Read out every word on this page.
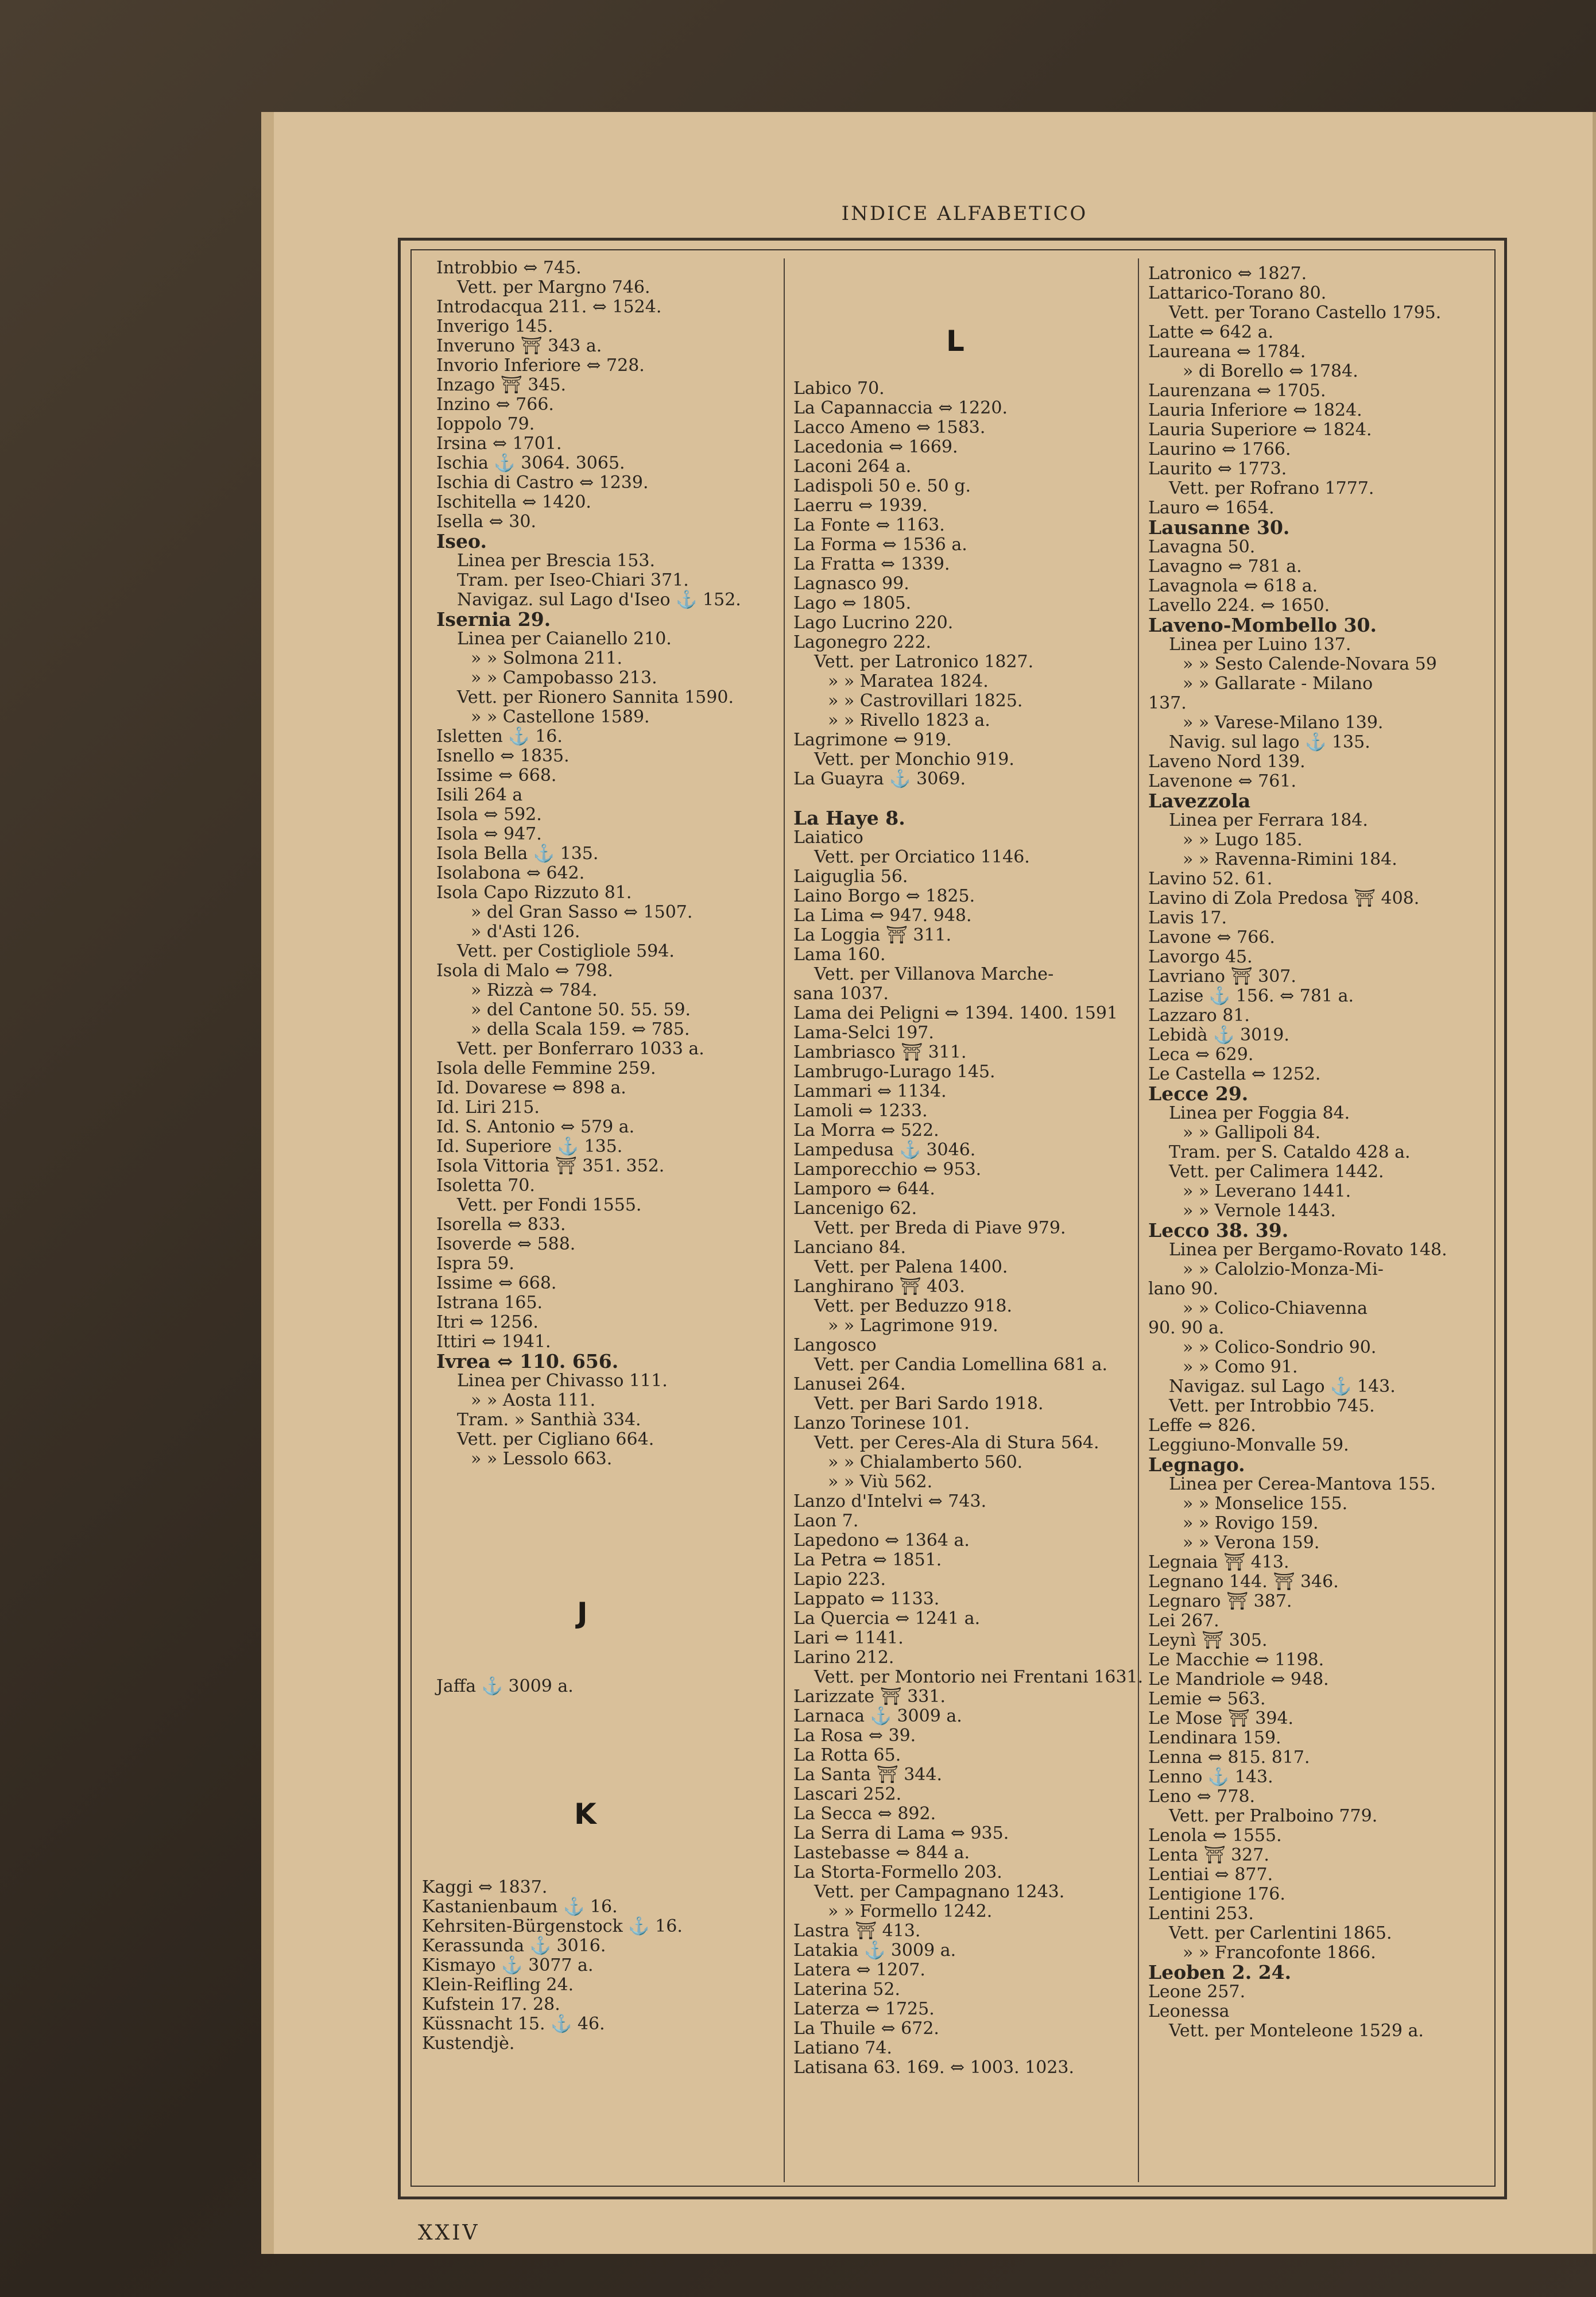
INDICE ALFABETICO
Introbbio ⇔ 745.
Vett. per Margno 746.
Introdacqua 211. ⇔ 1524.
Inverigo 145.
Inveruno ⛩ 343 a.
Invorio Inferiore ⇔ 728.
Inzago ⛩ 345.
Inzino ⇔ 766.
Ioppolo 79.
Irsina ⇔ 1701.
Ischia ⚓ 3064. 3065.
Ischia di Castro ⇔ 1239.
Ischitella ⇔ 1420.
Isella ⇔ 30.
Iseo.
Linea per Brescia 153.
Tram. per Iseo-Chiari 371.
Navigaz. sul Lago d'Iseo ⚓ 152.
Isernia 29.
Linea per Caianello 210.
» » Solmona 211.
» » Campobasso 213.
Vett. per Rionero Sannita 1590.
» » Castellone 1589.
Isletten ⚓ 16.
Isnello ⇔ 1835.
Issime ⇔ 668.
Isili 264 a
Isola ⇔ 592.
Isola ⇔ 947.
Isola Bella ⚓ 135.
Isolabona ⇔ 642.
Isola Capo Rizzuto 81.
» del Gran Sasso ⇔ 1507.
» d'Asti 126.
Vett. per Costigliole 594.
Isola di Malo ⇔ 798.
» Rizzà ⇔ 784.
» del Cantone 50. 55. 59.
» della Scala 159. ⇔ 785.
Vett. per Bonferraro 1033 a.
Isola delle Femmine 259.
Id. Dovarese ⇔ 898 a.
Id. Liri 215.
Id. S. Antonio ⇔ 579 a.
Id. Superiore ⚓ 135.
Isola Vittoria ⛩ 351. 352.
Isoletta 70.
Vett. per Fondi 1555.
Isorella ⇔ 833.
Isoverde ⇔ 588.
Ispra 59.
Issime ⇔ 668.
Istrana 165.
Itri ⇔ 1256.
Ittiri ⇔ 1941.
Ivrea ⇔ 110. 656.
Linea per Chivasso 111.
» » Aosta 111.
Tram. » Santhià 334.
Vett. per Cigliano 664.
» » Lessolo 663.
J
Jaffa ⚓ 3009 a.
K
Kaggi ⇔ 1837.
Kastanienbaum ⚓ 16.
Kehrsiten-Bürgenstock ⚓ 16.
Kerassunda ⚓ 3016.
Kismayo ⚓ 3077 a.
Klein-Reifling 24.
Kufstein 17. 28.
Küssnacht 15. ⚓ 46.
Kustendjè.
L
Labico 70.
La Capannaccia ⇔ 1220.
Lacco Ameno ⇔ 1583.
Lacedonia ⇔ 1669.
Laconi 264 a.
Ladispoli 50 e. 50 g.
Laerru ⇔ 1939.
La Fonte ⇔ 1163.
La Forma ⇔ 1536 a.
La Fratta ⇔ 1339.
Lagnasco 99.
Lago ⇔ 1805.
Lago Lucrino 220.
Lagonegro 222.
Vett. per Latronico 1827.
» » Maratea 1824.
» » Castrovillari 1825.
» » Rivello 1823 a.
Lagrimone ⇔ 919.
Vett. per Monchio 919.
La Guayra ⚓ 3069.
La Haye 8.
Laiatico
Vett. per Orciatico 1146.
Laiguglia 56.
Laino Borgo ⇔ 1825.
La Lima ⇔ 947. 948.
La Loggia ⛩ 311.
Lama 160.
Vett. per Villanova Marche-
sana 1037.
Lama dei Peligni ⇔ 1394. 1400. 1591
Lama-Selci 197.
Lambriasco ⛩ 311.
Lambrugo-Lurago 145.
Lammari ⇔ 1134.
Lamoli ⇔ 1233.
La Morra ⇔ 522.
Lampedusa ⚓ 3046.
Lamporecchio ⇔ 953.
Lamporo ⇔ 644.
Lancenigo 62.
Vett. per Breda di Piave 979.
Lanciano 84.
Vett. per Palena 1400.
Langhirano ⛩ 403.
Vett. per Beduzzo 918.
» » Lagrimone 919.
Langosco
Vett. per Candia Lomellina 681 a.
Lanusei 264.
Vett. per Bari Sardo 1918.
Lanzo Torinese 101.
Vett. per Ceres-Ala di Stura 564.
» » Chialamberto 560.
» » Viù 562.
Lanzo d'Intelvi ⇔ 743.
Laon 7.
Lapedono ⇔ 1364 a.
La Petra ⇔ 1851.
Lapio 223.
Lappato ⇔ 1133.
La Quercia ⇔ 1241 a.
Lari ⇔ 1141.
Larino 212.
Vett. per Montorio nei Frentani 1631.
Larizzate ⛩ 331.
Larnaca ⚓ 3009 a.
La Rosa ⇔ 39.
La Rotta 65.
La Santa ⛩ 344.
Lascari 252.
La Secca ⇔ 892.
La Serra di Lama ⇔ 935.
Lastebasse ⇔ 844 a.
La Storta-Formello 203.
Vett. per Campagnano 1243.
» » Formello 1242.
Lastra ⛩ 413.
Latakia ⚓ 3009 a.
Latera ⇔ 1207.
Laterina 52.
Laterza ⇔ 1725.
La Thuile ⇔ 672.
Latiano 74.
Latisana 63. 169. ⇔ 1003. 1023.
Latronico ⇔ 1827.
Lattarico-Torano 80.
Vett. per Torano Castello 1795.
Latte ⇔ 642 a.
Laureana ⇔ 1784.
» di Borello ⇔ 1784.
Laurenzana ⇔ 1705.
Lauria Inferiore ⇔ 1824.
Lauria Superiore ⇔ 1824.
Laurino ⇔ 1766.
Laurito ⇔ 1773.
Vett. per Rofrano 1777.
Lauro ⇔ 1654.
Lausanne 30.
Lavagna 50.
Lavagno ⇔ 781 a.
Lavagnola ⇔ 618 a.
Lavello 224. ⇔ 1650.
Laveno-Mombello 30.
Linea per Luino 137.
» » Sesto Calende-Novara 59
» » Gallarate - Milano
137.
» » Varese-Milano 139.
Navig. sul lago ⚓ 135.
Laveno Nord 139.
Lavenone ⇔ 761.
Lavezzola
Linea per Ferrara 184.
» » Lugo 185.
» » Ravenna-Rimini 184.
Lavino 52. 61.
Lavino di Zola Predosa ⛩ 408.
Lavis 17.
Lavone ⇔ 766.
Lavorgo 45.
Lavriano ⛩ 307.
Lazise ⚓ 156. ⇔ 781 a.
Lazzaro 81.
Lebidà ⚓ 3019.
Leca ⇔ 629.
Le Castella ⇔ 1252.
Lecce 29.
Linea per Foggia 84.
» » Gallipoli 84.
Tram. per S. Cataldo 428 a.
Vett. per Calimera 1442.
» » Leverano 1441.
» » Vernole 1443.
Lecco 38. 39.
Linea per Bergamo-Rovato 148.
» » Calolzio-Monza-Mi-
lano 90.
» » Colico-Chiavenna
90. 90 a.
» » Colico-Sondrio 90.
» » Como 91.
Navigaz. sul Lago ⚓ 143.
Vett. per Introbbio 745.
Leffe ⇔ 826.
Leggiuno-Monvalle 59.
Legnago.
Linea per Cerea-Mantova 155.
» » Monselice 155.
» » Rovigo 159.
» » Verona 159.
Legnaia ⛩ 413.
Legnano 144. ⛩ 346.
Legnaro ⛩ 387.
Lei 267.
Leynì ⛩ 305.
Le Macchie ⇔ 1198.
Le Mandriole ⇔ 948.
Lemie ⇔ 563.
Le Mose ⛩ 394.
Lendinara 159.
Lenna ⇔ 815. 817.
Lenno ⚓ 143.
Leno ⇔ 778.
Vett. per Pralboino 779.
Lenola ⇔ 1555.
Lenta ⛩ 327.
Lentiai ⇔ 877.
Lentigione 176.
Lentini 253.
Vett. per Carlentini 1865.
» » Francofonte 1866.
Leoben 2. 24.
Leone 257.
Leonessa
Vett. per Monteleone 1529 a.
XXIV
